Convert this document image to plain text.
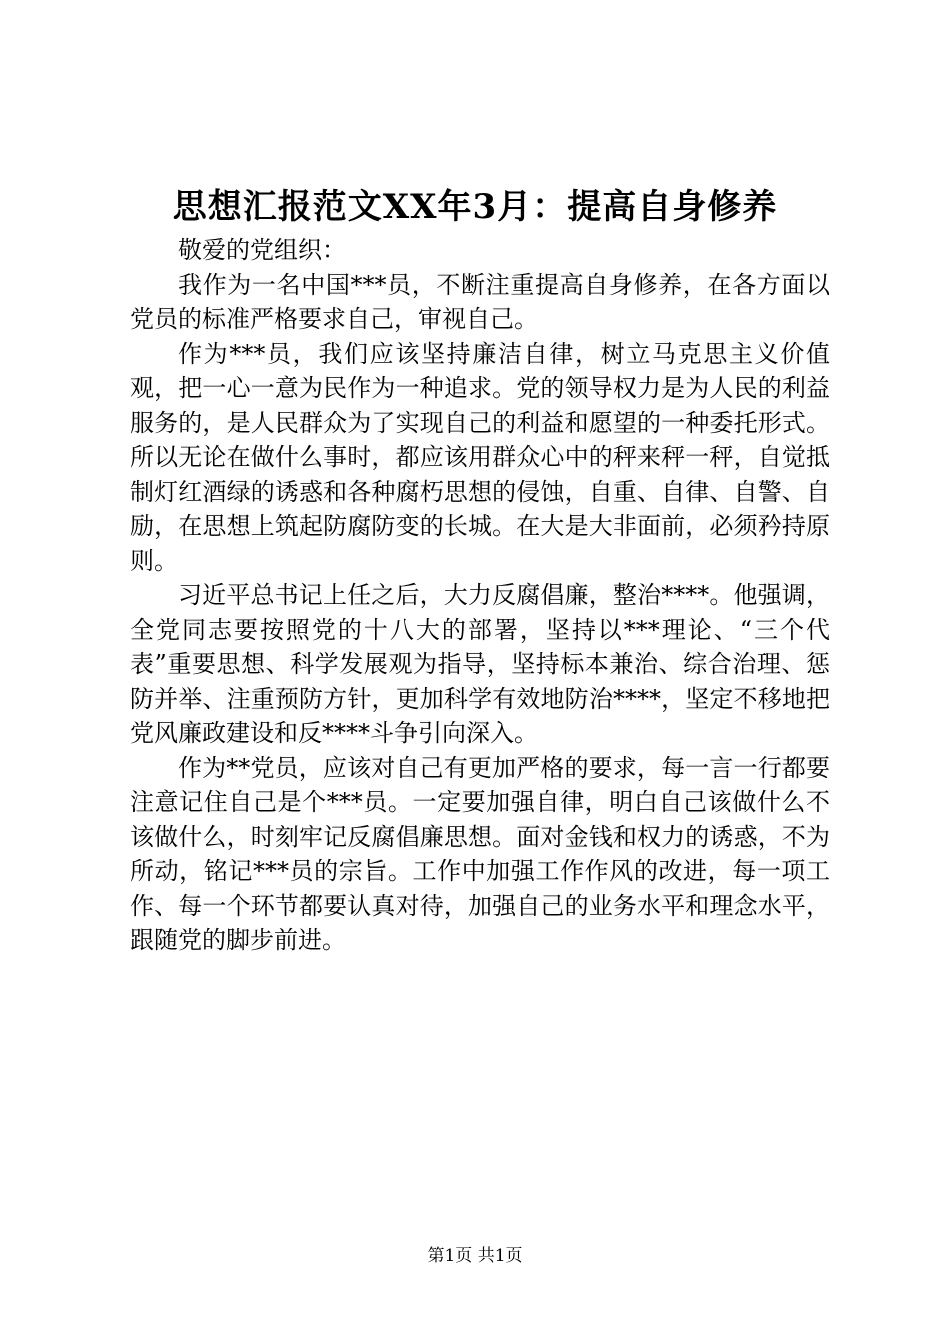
思想汇报范文XX年3月：提高自身修养

敬爱的党组织：

我作为一名中国***员，不断注重提高自身修养，在各方面以党员的标准严格要求自己，审视自己。

作为***员，我们应该坚持廉洁自律，树立马克思主义价值观，把一心一意为民作为一种追求。党的领导权力是为人民的利益服务的，是人民群众为了实现自己的利益和愿望的一种委托形式。所以无论在做什么事时，都应该用群众心中的秤来秤一秤，自觉抵制灯红酒绿的诱惑和各种腐朽思想的侵蚀，自重、自律、自警、自励，在思想上筑起防腐防变的长城。在大是大非面前，必须矜持原则。

习近平总书记上任之后，大力反腐倡廉，整治****。他强调，全党同志要按照党的十八大的部署，坚持以***理论、“三个代表”重要思想、科学发展观为指导，坚持标本兼治、综合治理、惩防并举、注重预防方针，更加科学有效地防治****，坚定不移地把党风廉政建设和反****斗争引向深入。

作为**党员，应该对自己有更加严格的要求，每一言一行都要注意记住自己是个***员。一定要加强自律，明白自己该做什么不该做什么，时刻牢记反腐倡廉思想。面对金钱和权力的诱惑，不为所动，铭记***员的宗旨。工作中加强工作作风的改进，每一项工作、每一个环节都要认真对待，加强自己的业务水平和理念水平，跟随党的脚步前进。

第1页 共1页
